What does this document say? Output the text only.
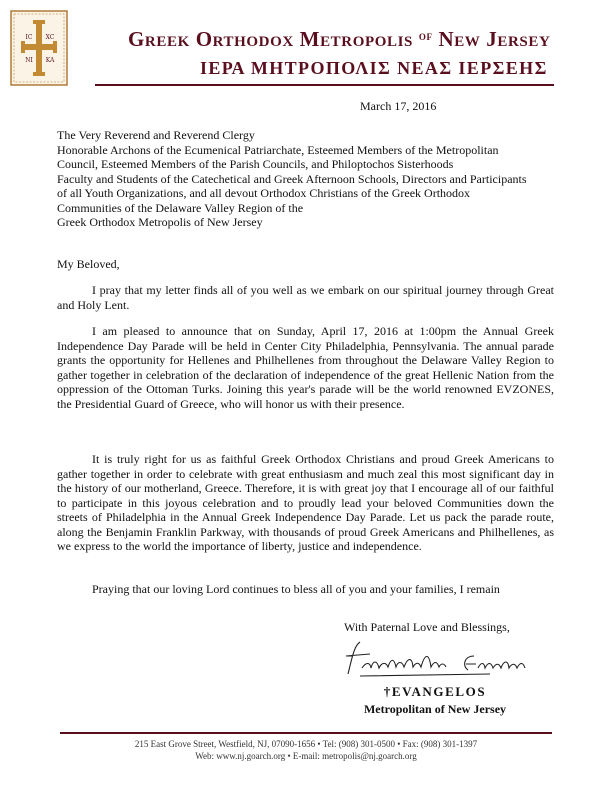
IC XC
NI KA
Greek Orthodox Metropolis $^{of}$ New Jersey
ΙΕΡΑ ΜΗΤΡΟΠΟΛΙΣ ΝΕΑΣ ΙΕΡΣΕΗΣ
March 17, 2016
The Very Reverend and Reverend Clergy
Honorable Archons of the Ecumenical Patriarchate, Esteemed Members of the Metropolitan
Council, Esteemed Members of the Parish Councils, and Philoptochos Sisterhoods
Faculty and Students of the Catechetical and Greek Afternoon Schools, Directors and Participants
of all Youth Organizations, and all devout Orthodox Christians of the Greek Orthodox
Communities of the Delaware Valley Region of the
Greek Orthodox Metropolis of New Jersey
My Beloved,
I pray that my letter finds all of you well as we embark on our spiritual journey through Great and Holy Lent.
I am pleased to announce that on Sunday, April 17, 2016 at 1:00pm the Annual Greek Independence Day Parade will be held in Center City Philadelphia, Pennsylvania. The annual parade grants the opportunity for Hellenes and Philhellenes from throughout the Delaware Valley Region to gather together in celebration of the declaration of independence of the great Hellenic Nation from the oppression of the Ottoman Turks. Joining this year's parade will be the world renowned EVZONES, the Presidential Guard of Greece, who will honor us with their presence.
It is truly right for us as faithful Greek Orthodox Christians and proud Greek Americans to gather together in order to celebrate with great enthusiasm and much zeal this most significant day in the history of our motherland, Greece. Therefore, it is with great joy that I encourage all of our faithful to participate in this joyous celebration and to proudly lead your beloved Communities down the streets of Philadelphia in the Annual Greek Independence Day Parade. Let us pack the parade route, along the Benjamin Franklin Parkway, with thousands of proud Greek Americans and Philhellenes, as we express to the world the importance of liberty, justice and independence.
Praying that our loving Lord continues to bless all of you and your families, I remain
With Paternal Love and Blessings,
†EVANGELOS
Metropolitan of New Jersey
215 East Grove Street, Westfield, NJ, 07090-1656 • Tel: (908) 301-0500 • Fax: (908) 301-1397
Web: www.nj.goarch.org • E-mail: metropolis@nj.goarch.org
